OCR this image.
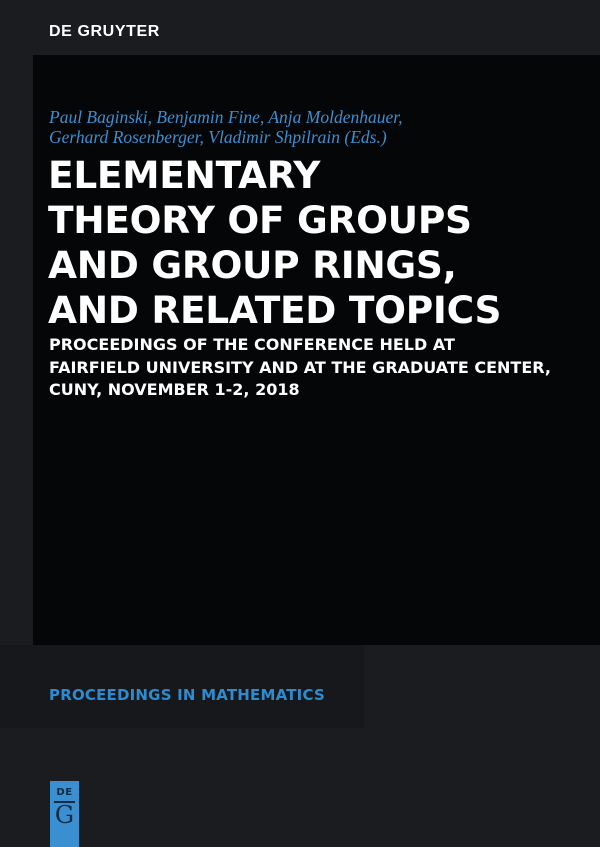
DE GRUYTER
Paul Baginski, Benjamin Fine, Anja Moldenhauer,
Gerhard Rosenberger, Vladimir Shpilrain (Eds.)
ELEMENTARY
THEORY OF GROUPS
AND GROUP RINGS,
AND RELATED TOPICS
PROCEEDINGS OF THE CONFERENCE HELD AT
FAIRFIELD UNIVERSITY AND AT THE GRADUATE CENTER,
CUNY, NOVEMBER 1-2, 2018
PROCEEDINGS IN MATHEMATICS
DE
G
